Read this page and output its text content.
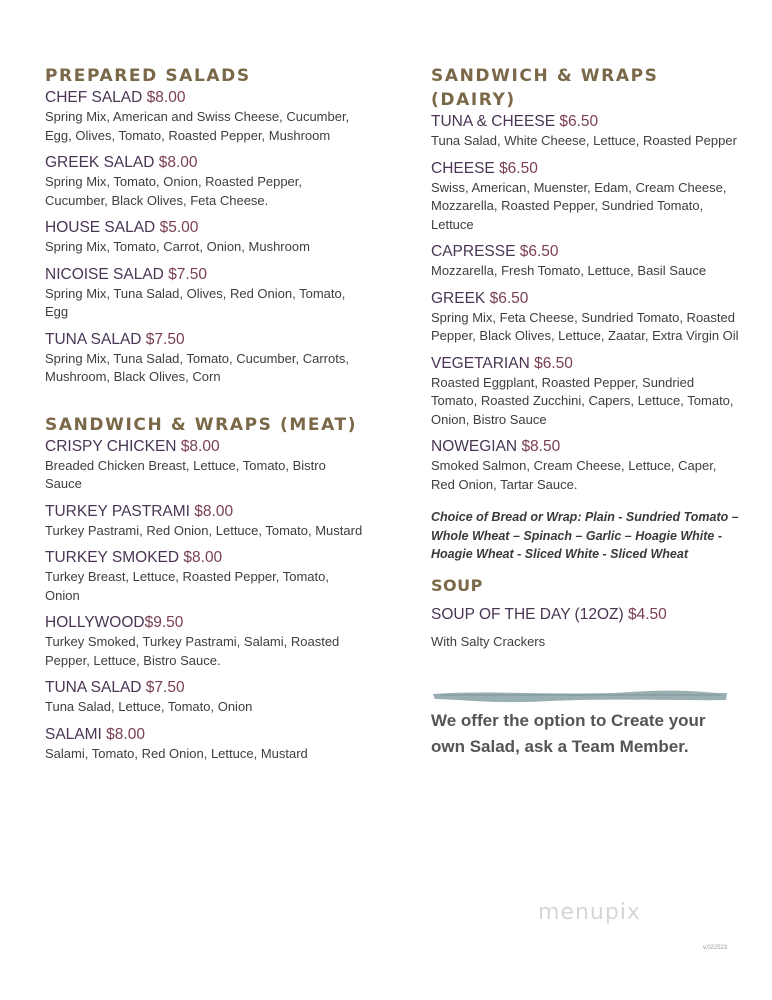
PREPARED SALADS

CHEF SALAD $8.00

Spring Mix, American and Swiss Cheese, Cucumber, Egg, Olives, Tomato, Roasted Pepper, Mushroom

GREEK SALAD $8.00

Spring Mix, Tomato, Onion, Roasted Pepper, Cucumber, Black Olives, Feta Cheese.

HOUSE SALAD $5.00

Spring Mix, Tomato, Carrot, Onion, Mushroom

NICOISE SALAD $7.50

Spring Mix, Tuna Salad, Olives, Red Onion, Tomato, Egg

TUNA SALAD $7.50

Spring Mix, Tuna Salad, Tomato, Cucumber, Carrots, Mushroom, Black Olives, Corn

SANDWICH & WRAPS (MEAT)

CRISPY CHICKEN $8.00

Breaded Chicken Breast, Lettuce, Tomato, Bistro Sauce

TURKEY PASTRAMI $8.00

Turkey Pastrami, Red Onion, Lettuce, Tomato, Mustard

TURKEY SMOKED $8.00

Turkey Breast, Lettuce, Roasted Pepper, Tomato, Onion

HOLLYWOOD$9.50

Turkey Smoked, Turkey Pastrami, Salami, Roasted Pepper, Lettuce, Bistro Sauce.

TUNA SALAD $7.50

Tuna Salad, Lettuce, Tomato, Onion

SALAMI $8.00

Salami, Tomato, Red Onion, Lettuce, Mustard

SANDWICH & WRAPS (DAIRY)

TUNA & CHEESE $6.50

Tuna Salad, White Cheese, Lettuce, Roasted Pepper

CHEESE $6.50

Swiss, American, Muenster, Edam, Cream Cheese, Mozzarella, Roasted Pepper, Sundried Tomato, Lettuce

CAPRESSE $6.50

Mozzarella, Fresh Tomato, Lettuce, Basil Sauce

GREEK $6.50

Spring Mix, Feta Cheese, Sundried Tomato, Roasted Pepper, Black Olives, Lettuce, Zaatar, Extra Virgin Oil

VEGETARIAN $6.50

Roasted Eggplant, Roasted Pepper, Sundried Tomato, Roasted Zucchini, Capers, Lettuce, Tomato, Onion, Bistro Sauce

NOWEGIAN $8.50

Smoked Salmon, Cream Cheese, Lettuce, Caper, Red Onion, Tartar Sauce.

Choice of Bread or Wrap: Plain - Sundried Tomato – Whole Wheat – Spinach – Garlic – Hoagie White - Hoagie Wheat - Sliced White - Sliced Wheat

SOUP

SOUP OF THE DAY (12OZ) $4.50

With Salty Crackers

We offer the option to Create your own Salad, ask a Team Member.
menupix
v.022523
